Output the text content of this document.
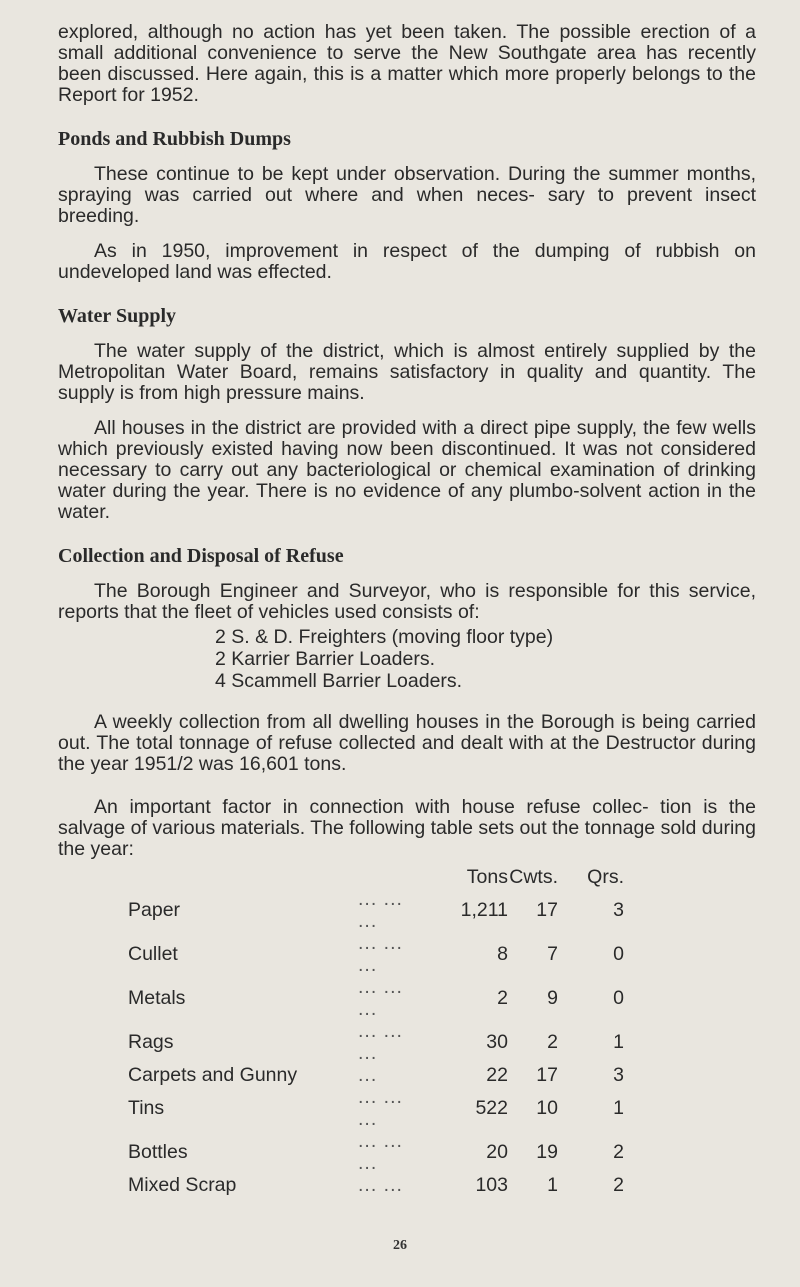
explored, although no action has yet been taken. The possible erection of a small additional convenience to serve the New Southgate area has recently been discussed. Here again, this is a matter which more properly belongs to the Report for 1952.

Ponds and Rubbish Dumps

These continue to be kept under observation. During the summer months, spraying was carried out where and when neces- sary to prevent insect breeding.

As in 1950, improvement in respect of the dumping of rubbish on undeveloped land was effected.

Water Supply

The water supply of the district, which is almost entirely supplied by the Metropolitan Water Board, remains satisfactory in quality and quantity. The supply is from high pressure mains.

All houses in the district are provided with a direct pipe supply, the few wells which previously existed having now been discontinued. It was not considered necessary to carry out any bacteriological or chemical examination of drinking water during the year. There is no evidence of any plumbo-solvent action in the water.

Collection and Disposal of Refuse

The Borough Engineer and Surveyor, who is responsible for this service, reports that the fleet of vehicles used consists of:

2 S. & D. Freighters (moving floor type)
2 Karrier Barrier Loaders.
4 Scammell Barrier Loaders.

A weekly collection from all dwelling houses in the Borough is being carried out. The total tonnage of refuse collected and dealt with at the Destructor during the year 1951/2 was 16,601 tons.

An important factor in connection with house refuse collec- tion is the salvage of various materials. The following table sets out the tonnage sold during the year:

		Tons	Cwts.	Qrs.
Paper	... ... ...	1,211	17	3
Cullet	... ... ...	8	7	0
Metals	... ... ...	2	9	0
Rags	... ... ...	30	2	1
Carpets and Gunny	...	22	17	3
Tins	... ... ...	522	10	1
Bottles	... ... ...	20	19	2
Mixed Scrap	... ...	103	1	2
26
